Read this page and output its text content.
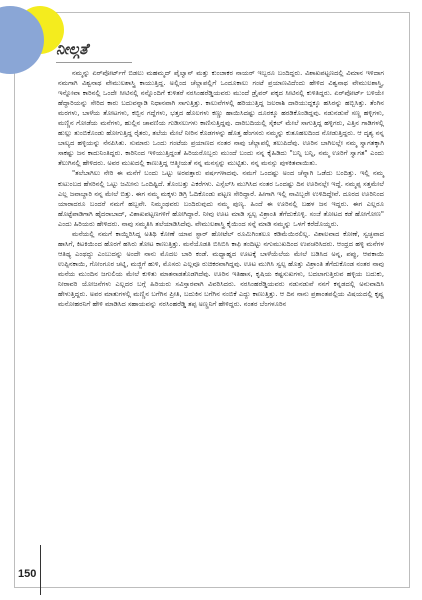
ನೀಲ್ಗತೆ

ನಮ್ಮನ್ನು ಏರ್‌ಪೋರ್ಟ್‌ಗೆ ಬಿಡಲು ಮಹಮ್ಮದ್ ಪೈಲ್ವಾನ್ ಮತ್ತು ಕುಂಜಾಕರ ನಾಯರ್ ಇಬ್ಬರೂ ಬಂದಿದ್ದರು. ವಿಶಾಖಪಟ್ಟಣದಲ್ಲಿ ವಿಮಾನ ಇಳಿದಾಗ ನಮಗಾಗಿ ವಿಶ್ವನಾಥ ವೇಮುಲಶಾಸ್ತ್ರಿ ಕಾಯುತ್ತಿದ್ದ. ಅಲ್ಲಿಂದ ಚೆಲ್ಲಾಪಲ್ಲಿಗೆ ಒಂದೂಕಾಲು ಗಂಟೆ ಪ್ರಯಾಣವಿದೆಂದು ಹೇಳಿದ ವಿಶ್ವನಾಥ ವೇಮುಲಶಾಸ್ತ್ರಿ, ಇನ್ನೋವಾ ಕಾರಿನಲ್ಲಿ ಒಂದೇ ಸೀಟಿನಲ್ಲಿ ನನ್ನೊಂದಿಗೆ ಕುಳಿತರೆ ನರಸಿಂಹರೆಡ್ಡಿಯವರು ಮುಂದೆ ಡ್ರೈವರ್ ಪಕ್ಕದ ಸೀಟಿನಲ್ಲಿ ಕುಳಿತಿದ್ದರು. ಏರ್‌ಪೋರ್ಟ್ ಬಳಿಯೇ ಹೆದ್ದಾರಿಯನ್ನು ಸೇರಿದ ಕಾರು ಬದುವನ್ನಾಡಿ ನಿಧಾನವಾಗಿ ಸಾಗುತ್ತಿತ್ತು. ಕಾಲುವೆಗಳಲ್ಲಿ ಹರಿಯುತ್ತಿದ್ದ ಜಲರಾಶಿ ದಾರಿಯುದ್ದಕ್ಕೂ ಹಸಿರನ್ನು ಹಬ್ಬಿಸಿತ್ತು. ತೆಂಗಿನ ಮರಗಳು, ಬಾಳೆಯ ತೋಟಗಳು, ಕಬ್ಬಿನ ಗದ್ದೆಗಳು, ಭತ್ತದ ಹೊಲಗಳು ಕಣ್ಣು ಹಾಯಿಸಿದಷ್ಟು ದೂರಕ್ಕೂ ಹರಡಿಕೊಂಡಿದ್ದವು. ನಡುನಡುವೆ ಸಣ್ಣ ಹಳ್ಳಿಗಳು, ಮಣ್ಣಿನ ಗೋಡೆಯ ಮನೆಗಳು, ಹುಲ್ಲಿನ ಚಾವಣಿಯ ಗುಡಿಸಲುಗಳು ಕಾಣಿಸುತ್ತಿದ್ದವು. ದಾರಿಬದಿಯಲ್ಲಿ ಸೈಕಲ್ ಮೇಲೆ ಸಾಗುತ್ತಿದ್ದ ಹಳ್ಳಿಗರು, ಎತ್ತಿನ ಗಾಡಿಗಳಲ್ಲಿ ಹುಲ್ಲು ತುಂಬಿಕೊಂಡು ಹೋಗುತ್ತಿದ್ದ ರೈತರು, ತಲೆಯ ಮೇಲೆ ನೀರಿನ ಕೊಡಗಳನ್ನು ಹೊತ್ತ ಹೆಂಗಸರು ನಮ್ಮನ್ನು ಕುತೂಹಲದಿಂದ ನೋಡುತ್ತಿದ್ದರು. ಆ ದೃಶ್ಯ ನನ್ನ ಬಾಲ್ಯದ ಹಳ್ಳಿಯನ್ನು ನೆನಪಿಸಿತು. ಸುಮಾರು ಒಂದು ಗಂಟೆಯ ಪ್ರಯಾಣದ ನಂತರ ನಾವು ಚೆಲ್ಲಾಪಲ್ಲಿ ತಲುಪಿದೆವು. ಊರಿನ ಬಾಗಿಲಲ್ಲೇ ನಮ್ಮ ಸ್ವಾಗತಕ್ಕಾಗಿ ಸಾಕಷ್ಟು ಜನ ಕಾದುನಿಂತಿದ್ದರು. ಕಾರಿನಿಂದ ಇಳಿಯುತ್ತಿದ್ದಂತೆ ಹಿರಿಯರೊಬ್ಬರು ಮುಂದೆ ಬಂದು ನನ್ನ ಕೈಹಿಡಿದು "ಬನ್ನಿ ಬನ್ನಿ, ನಮ್ಮ ಊರಿಗೆ ಸ್ವಾಗತ" ಎಂದು ತೆಲುಗಿನಲ್ಲಿ ಹೇಳಿದರು. ಅವರ ಮುಖದಲ್ಲಿ ಕಾಣುತ್ತಿದ್ದ ಆತ್ಮೀಯತೆ ನನ್ನ ಮನಸ್ಸನ್ನು ಮುಟ್ಟಿತು. ನನ್ನ ಮನಸ್ಸು ಪುಳಕಿತವಾಯಿತು.

"ತಲೆಬಾಗಿಲು ನೇರಿ ಈ ಮನೆಗೆ ಬಂದು ಒಟ್ಟು ಅರವತ್ತಾರು ವರ್ಷಗಳಾದವು. ನಮಗೆ ಒಂದಷ್ಟು ಅಂದ ಚೆನ್ನಾಗಿ ಒಡೆದು ಬಂದಿತ್ತು. ಇಲ್ಲಿ ನಮ್ಮ ಕುಟುಂಬದ ಹೆಸರಿನಲ್ಲಿ ಒಟ್ಟು ಜಮೀನು ಒಂದಿಷ್ಟಿದೆ. ತೊಂಬತ್ತು ಎಕರೆಗಳು. ಎಸ್ಸೆಲ್‌ಸಿ ಮುಗಿಸಿದ ನಂತರ ಒಂದಷ್ಟು ದಿನ ಊರಿನಲ್ಲೇ ಇದ್ದೆ. ನಮ್ಮಪ್ಪ ಸತ್ತಮೇಲೆ ಎಲ್ಲ ಜವಾಬ್ದಾರಿ ನನ್ನ ಮೇಲೆ ಬಿತ್ತು. ಈಗ ನಮ್ಮ ಮಕ್ಕಳು ಡಿಗ್ರಿ ಓದಿಕೊಂಡು ಪಟ್ಟಣ ಸೇರಿದ್ದಾರೆ. ಹೀಗಾಗಿ ಇಲ್ಲಿ ನಾವಿಬ್ಬರೇ ಉಳಿದಿದ್ದೇವೆ. ದೂರದ ಊರಿನಿಂದ ಯಾರಾದರೂ ಬಂದರೆ ನಮಗೆ ಹಬ್ಬವೇ. ನಿಮ್ಮಂಥವರು ಬಂದಿರುವುದು ನಮ್ಮ ಪುಣ್ಯ. ಹಿಂದೆ ಈ ಊರಿನಲ್ಲಿ ಬಹಳ ಜನ ಇದ್ದರು. ಈಗ ಎಲ್ಲರೂ ಹೊಟ್ಟೆಪಾಡಿಗಾಗಿ ಹೈದರಾಬಾದ್, ವಿಶಾಖಪಟ್ಟಣಗಳಿಗೆ ಹೋಗಿದ್ದಾರೆ. ನೀವು ಊಟ ಮಾಡಿ ಸ್ವಲ್ಪ ವಿಶ್ರಾಂತಿ ತೆಗೆದುಕೊಳ್ಳಿ. ಸಂಜೆ ತೋಟದ ಕಡೆ ಹೋಗೋಣ" ಎಂದು ಹಿರಿಯರು ಹೇಳಿದರು. ನಾವು ಸಮ್ಮತಿಸಿ ತಲೆಯಾಡಿಸಿದೆವು. ವೇಮುಲಶಾಸ್ತ್ರಿ ಕೈಯಿಂದ ಸನ್ನೆ ಮಾಡಿ ನಮ್ಮನ್ನು ಒಳಗೆ ಕರೆದೊಯ್ದರು.

ಮನೆಯಲ್ಲಿ ನಮಗೆ ಕಾಯ್ದಿರಿಸಿದ್ದ ಅತಿಥಿ ಕೋಣೆ ಯಾವ ಸ್ಟಾರ್ ಹೋಟೆಲ್ ರೂಮಿಗಿಂತಲೂ ಕಡಿಮೆಯಿರಲಿಲ್ಲ. ವಿಶಾಲವಾದ ಕೋಣೆ, ಸ್ವಚ್ಛವಾದ ಹಾಸಿಗೆ, ಕಿಟಕಿಯಿಂದ ಹೊರಗೆ ಹಸಿರು ತೋಟ ಕಾಣುತ್ತಿತ್ತು. ಮನೆಯೊಡತಿ ಬಿಸಿಬಿಸಿ ಕಾಫಿ ತಂದಿಟ್ಟು ನಗುಮುಖದಿಂದ ಉಪಚರಿಸಿದರು. ಆಂಧ್ರದ ಹಳ್ಳಿ ಮನೆಗಳ ಆತಿಥ್ಯ ಎಂಥದ್ದು ಎಂಬುದನ್ನು ಅಂದೇ ನಾನು ಮೊದಲ ಬಾರಿ ಕಂಡೆ. ಮಧ್ಯಾಹ್ನದ ಊಟಕ್ಕೆ ಬಾಳೆಯೆಲೆಯ ಮೇಲೆ ಬಡಿಸಿದ ಅನ್ನ, ಪಪ್ಪು, ಆವಕಾಯಿ ಉಪ್ಪಿನಕಾಯಿ, ಗೋಂಗೂರ ಚಟ್ನಿ, ಮಜ್ಜಿಗೆ ಹುಳಿ, ಮೊಸರು ಎಲ್ಲವೂ ರುಚಿಕರವಾಗಿದ್ದವು. ಊಟ ಮುಗಿಸಿ ಸ್ವಲ್ಪ ಹೊತ್ತು ವಿಶ್ರಾಂತಿ ತೆಗೆದುಕೊಂಡ ನಂತರ ನಾವು ಮನೆಯ ಮುಂದಿನ ಜಗುಲಿಯ ಮೇಲೆ ಕುಳಿತು ಮಾತನಾಡತೊಡಗಿದೆವು. ಊರಿನ ಇತಿಹಾಸ, ಕೃಷಿಯ ಕಷ್ಟಸುಖಗಳು, ಬದಲಾಗುತ್ತಿರುವ ಹಳ್ಳಿಯ ಬದುಕು, ನೀರಾವರಿ ಯೋಜನೆಗಳು ಎಲ್ಲದರ ಬಗ್ಗೆ ಹಿರಿಯರು ಸವಿಸ್ತಾರವಾಗಿ ವಿವರಿಸಿದರು. ನರಸಿಂಹರೆಡ್ಡಿಯವರು ನಡುನಡುವೆ ನನಗೆ ಕನ್ನಡದಲ್ಲಿ ಅನುವಾದಿಸಿ ಹೇಳುತ್ತಿದ್ದರು. ಅವರ ಮಾತುಗಳಲ್ಲಿ ಮಣ್ಣಿನ ಬಗೆಗಿನ ಪ್ರೀತಿ, ಬದುಕಿನ ಬಗೆಗಿನ ನಂಬಿಕೆ ಎದ್ದು ಕಾಣುತ್ತಿತ್ತು. ಆ ದಿನ ನಾನು ಪ್ರಶಾಂತಪಲ್ಲಿಯ ವಿಷಯದಲ್ಲಿ ಕೃಷ್ಣ ಮನೋಹರನಿಗೆ ಹೇಳಿ ಮಾಡಿಸಿದ ಸಹಾಯವನ್ನು ನರಸಿಂಹರೆಡ್ಡಿ ತಪ್ಪ ಅಣ್ಣನಿಗೆ ಹೇಳಿದ್ದರು. ನಂತರ ಬೆಂಗಳೂರಿನ

150
